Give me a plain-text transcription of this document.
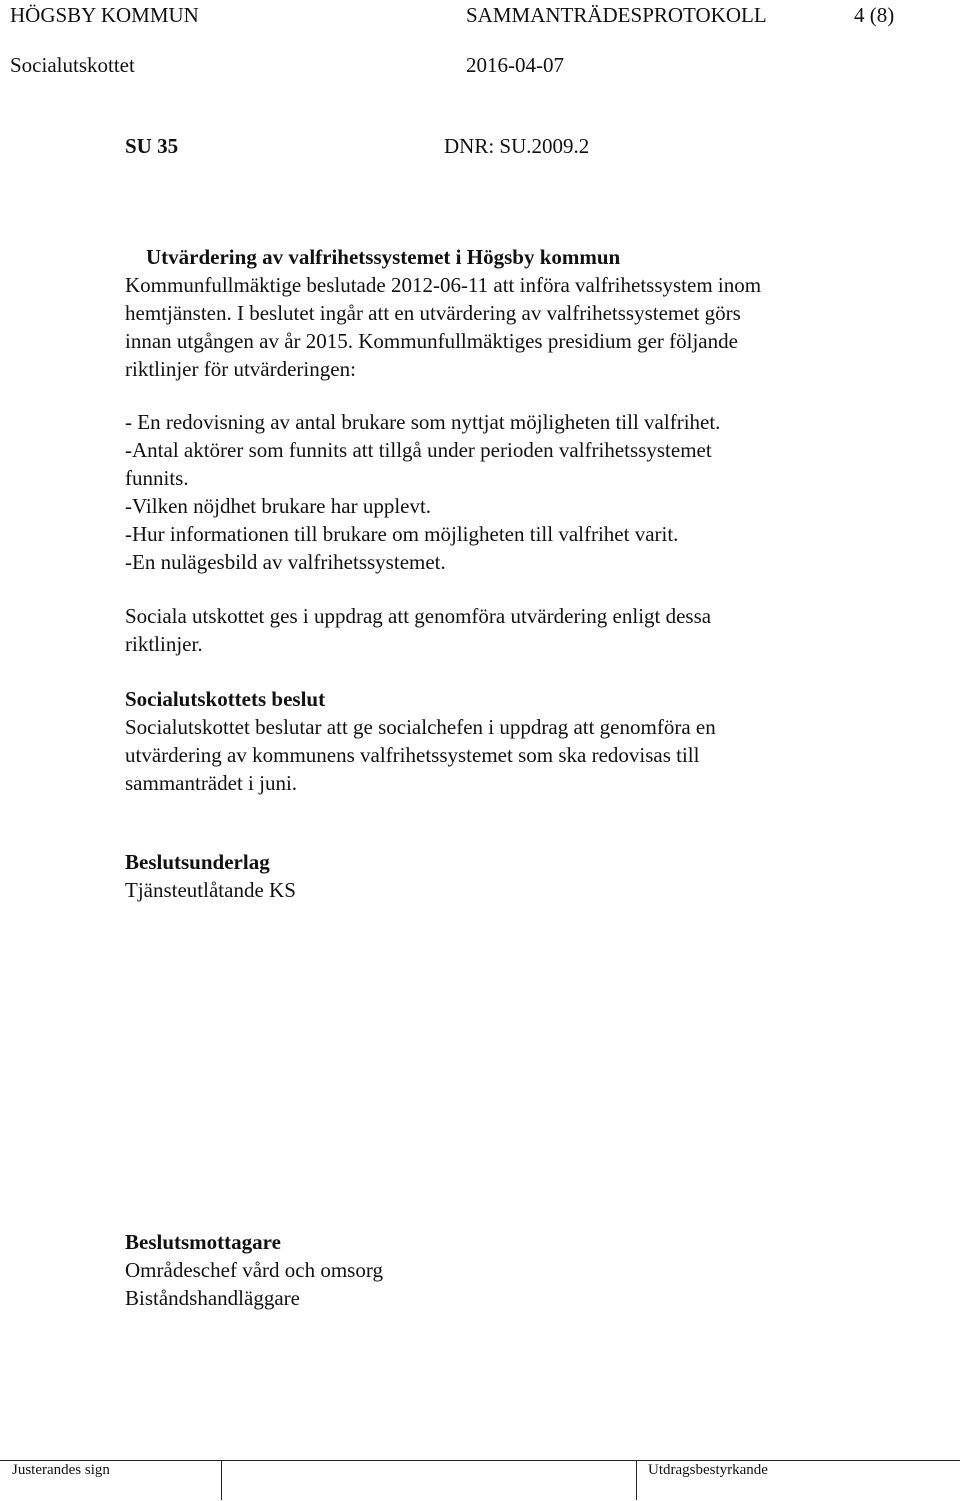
HÖGSBY KOMMUN	SAMMANTRÄDESPROTOKOLL	4 (8)
Socialutskottet	2016-04-07
SU 35	DNR: SU.2009.2
Utvärdering av valfrihetssystemet i Högsby kommun
Kommunfullmäktige beslutade 2012-06-11 att införa valfrihetssystem inom
hemtjänsten. I beslutet ingår att en utvärdering av valfrihetssystemet görs
innan utgången av år 2015. Kommunfullmäktiges presidium ger följande
riktlinjer för utvärderingen:
- En redovisning av antal brukare som nyttjat möjligheten till valfrihet.
-Antal aktörer som funnits att tillgå under perioden valfrihetssystemet
funnits.
-Vilken nöjdhet brukare har upplevt.
-Hur informationen till brukare om möjligheten till valfrihet varit.
-En nulägesbild av valfrihetssystemet.
Sociala utskottet ges i uppdrag att genomföra utvärdering enligt dessa
riktlinjer.
Socialutskottets beslut
Socialutskottet beslutar att ge socialchefen i uppdrag att genomföra en
utvärdering av kommunens valfrihetssystemet som ska redovisas till
sammanträdet i juni.
Beslutsunderlag
Tjänsteutlåtande KS
Beslutsmottagare
Områdeschef vård och omsorg
Biståndshandläggare
Justerandes sign	Utdragsbestyrkande
